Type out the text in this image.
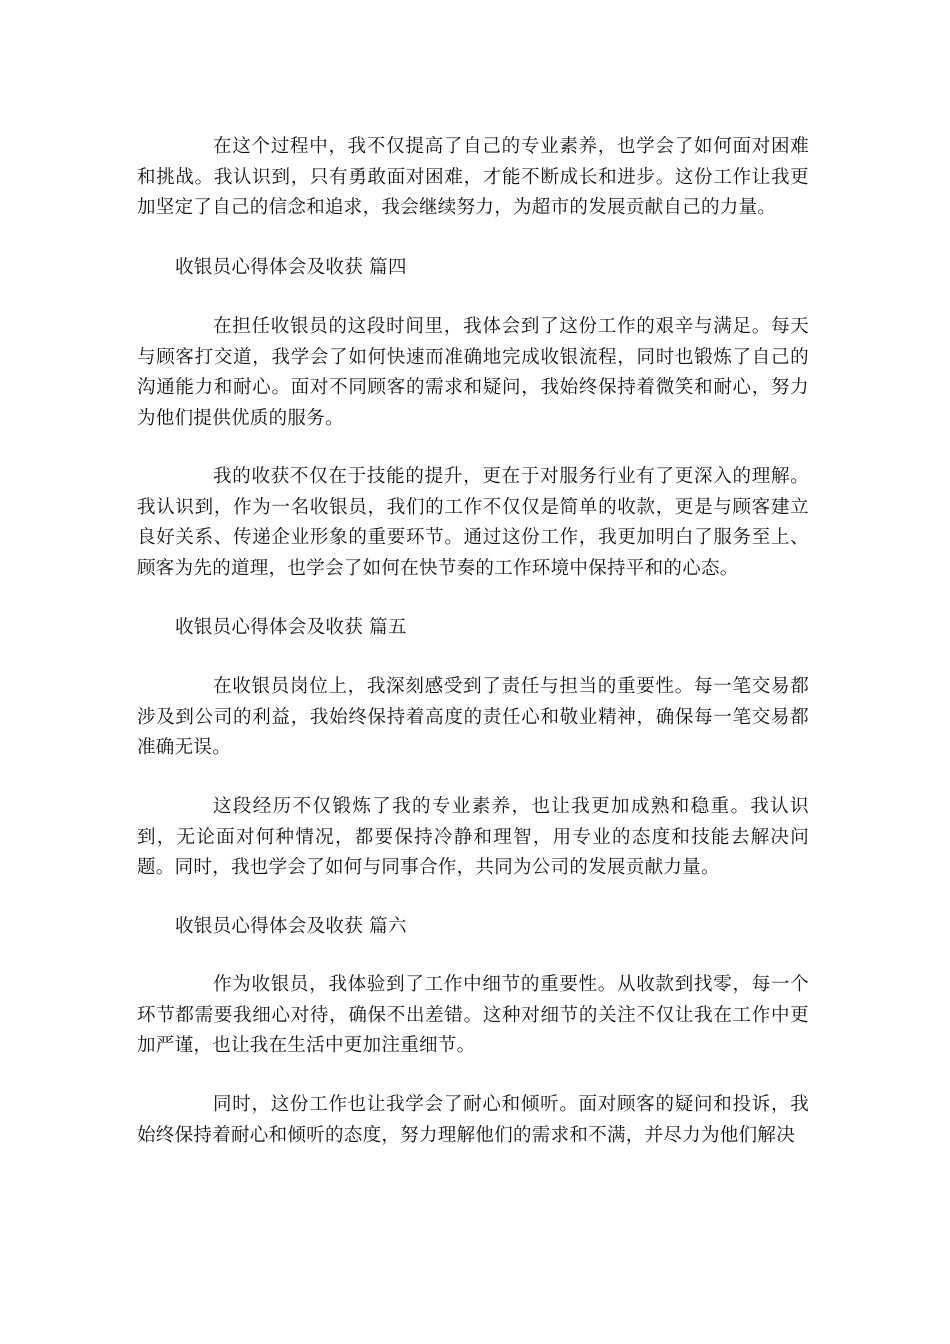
在这个过程中，我不仅提高了自己的专业素养，也学会了如何面对困难和挑战。我认识到，只有勇敢面对困难，才能不断成长和进步。这份工作让我更加坚定了自己的信念和追求，我会继续努力，为超市的发展贡献自己的力量。

收银员心得体会及收获 篇四

在担任收银员的这段时间里，我体会到了这份工作的艰辛与满足。每天与顾客打交道，我学会了如何快速而准确地完成收银流程，同时也锻炼了自己的沟通能力和耐心。面对不同顾客的需求和疑问，我始终保持着微笑和耐心，努力为他们提供优质的服务。

我的收获不仅在于技能的提升，更在于对服务行业有了更深入的理解。我认识到，作为一名收银员，我们的工作不仅仅是简单的收款，更是与顾客建立良好关系、传递企业形象的重要环节。通过这份工作，我更加明白了服务至上、顾客为先的道理，也学会了如何在快节奏的工作环境中保持平和的心态。

收银员心得体会及收获 篇五

在收银员岗位上，我深刻感受到了责任与担当的重要性。每一笔交易都涉及到公司的利益，我始终保持着高度的责任心和敬业精神，确保每一笔交易都准确无误。

这段经历不仅锻炼了我的专业素养，也让我更加成熟和稳重。我认识到，无论面对何种情况，都要保持冷静和理智，用专业的态度和技能去解决问题。同时，我也学会了如何与同事合作，共同为公司的发展贡献力量。

收银员心得体会及收获 篇六

作为收银员，我体验到了工作中细节的重要性。从收款到找零，每一个环节都需要我细心对待，确保不出差错。这种对细节的关注不仅让我在工作中更加严谨，也让我在生活中更加注重细节。

同时，这份工作也让我学会了耐心和倾听。面对顾客的疑问和投诉，我始终保持着耐心和倾听的态度，努力理解他们的需求和不满，并尽力为他们解决
